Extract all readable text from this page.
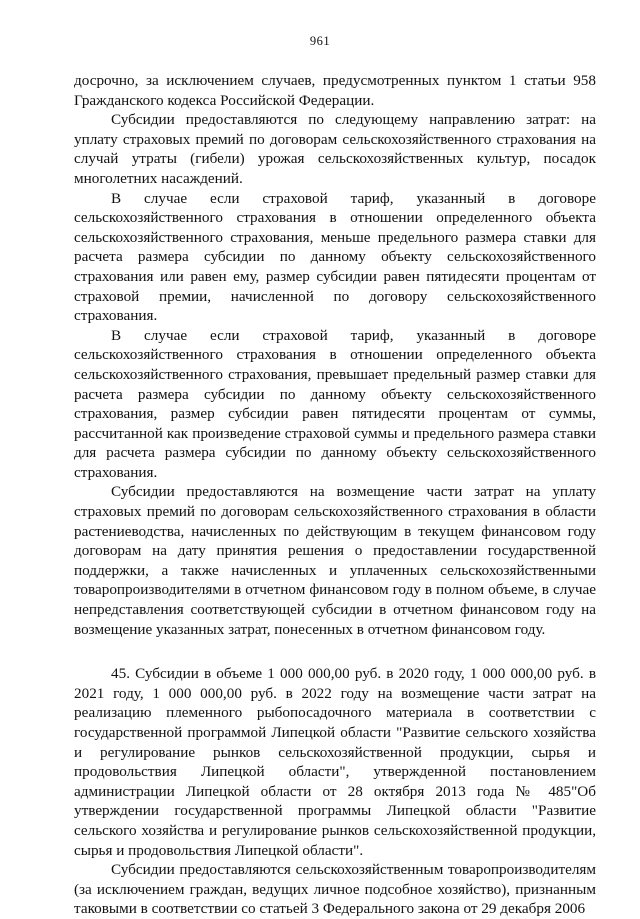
961

досрочно, за исключением случаев, предусмотренных пунктом 1 статьи 958 Гражданского кодекса Российской Федерации.

Субсидии предоставляются по следующему направлению затрат: на уплату страховых премий по договорам сельскохозяйственного страхования на случай утраты (гибели) урожая сельскохозяйственных культур, посадок многолетних насаждений.

В случае если страховой тариф, указанный в договоре сельскохозяйственного страхования в отношении определенного объекта сельскохозяйственного страхования, меньше предельного размера ставки для расчета размера субсидии по данному объекту сельскохозяйственного страхования или равен ему, размер субсидии равен пятидесяти процентам от страховой премии, начисленной по договору сельскохозяйственного страхования.

В случае если страховой тариф, указанный в договоре сельскохозяйственного страхования в отношении определенного объекта сельскохозяйственного страхования, превышает предельный размер ставки для расчета размера субсидии по данному объекту сельскохозяйственного страхования, размер субсидии равен пятидесяти процентам от суммы, рассчитанной как произведение страховой суммы и предельного размера ставки для расчета размера субсидии по данному объекту сельскохозяйственного страхования.

Субсидии предоставляются на возмещение части затрат на уплату страховых премий по договорам сельскохозяйственного страхования в области растениеводства, начисленных по действующим в текущем финансовом году договорам на дату принятия решения о предоставлении государственной поддержки, а также начисленных и уплаченных сельскохозяйственными товаропроизводителями в отчетном финансовом году в полном объеме, в случае непредставления соответствующей субсидии в отчетном финансовом году на возмещение указанных затрат, понесенных в отчетном финансовом году.

45. Субсидии в объеме 1 000 000,00 руб. в 2020 году, 1 000 000,00 руб. в 2021 году, 1 000 000,00 руб. в 2022 году на возмещение части затрат на реализацию племенного рыбопосадочного материала в соответствии с государственной программой Липецкой области "Развитие сельского хозяйства и регулирование рынков сельскохозяйственной продукции, сырья и продовольствия Липецкой области", утвержденной постановлением администрации Липецкой области от 28 октября 2013 года № 485"Об утверждении государственной программы Липецкой области "Развитие сельского хозяйства и регулирование рынков сельскохозяйственной продукции, сырья и продовольствия Липецкой области".

Субсидии предоставляются сельскохозяйственным товаропроизводителям (за исключением граждан, ведущих личное подсобное хозяйство), признанным таковыми в соответствии со статьей 3 Федерального закона от 29 декабря 2006
